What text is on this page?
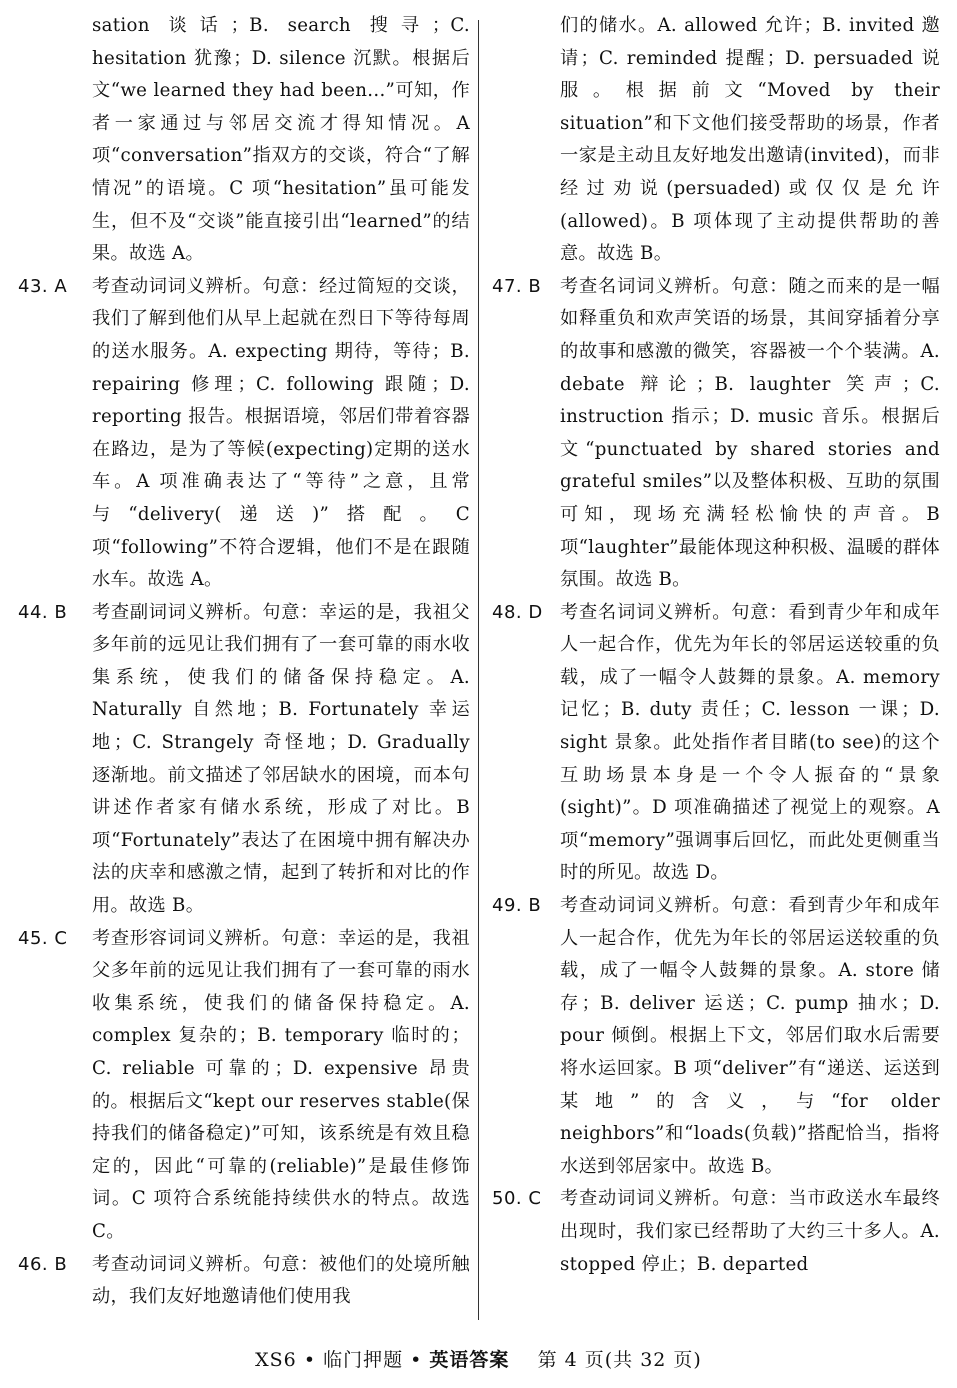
sation 谈话；B. search 搜寻；C. hesitation 犹豫；D. silence 沉默。根据后文“we learned they had been...”可知，作者一家通过与邻居交流才得知情况。A 项“conversation”指双方的交谈，符合“了解情况”的语境。C 项“hesitation”虽可能发生，但不及“交谈”能直接引出“learned”的结果。故选 A。

43. A	考查动词词义辨析。句意：经过简短的交谈，我们了解到他们从早上起就在烈日下等待每周的送水服务。A. expecting 期待，等待；B. repairing 修理；C. following 跟随；D. reporting 报告。根据语境，邻居们带着容器在路边，是为了等候(expecting)定期的送水车。A 项准确表达了“等待”之意，且常与“delivery(递送)”搭配。C 项“following”不符合逻辑，他们不是在跟随水车。故选 A。

44. B	考查副词词义辨析。句意：幸运的是，我祖父多年前的远见让我们拥有了一套可靠的雨水收集系统，使我们的储备保持稳定。A. Naturally 自然地；B. Fortunately 幸运地；C. Strangely 奇怪地；D. Gradually 逐渐地。前文描述了邻居缺水的困境，而本句讲述作者家有储水系统，形成了对比。B 项“Fortunately”表达了在困境中拥有解决办法的庆幸和感激之情，起到了转折和对比的作用。故选 B。

45. C	考查形容词词义辨析。句意：幸运的是，我祖父多年前的远见让我们拥有了一套可靠的雨水收集系统，使我们的储备保持稳定。A. complex 复杂的；B. temporary 临时的；C. reliable 可靠的；D. expensive 昂贵的。根据后文“kept our reserves stable(保持我们的储备稳定)”可知，该系统是有效且稳定的，因此“可靠的(reliable)”是最佳修饰词。C 项符合系统能持续供水的特点。故选 C。

46. B	考查动词词义辨析。句意：被他们的处境所触动，我们友好地邀请他们使用我

们的储水。A. allowed 允许；B. invited 邀请；C. reminded 提醒；D. persuaded 说服。根据前文“Moved by their situation”和下文他们接受帮助的场景，作者一家是主动且友好地发出邀请(invited)，而非经过劝说(persuaded)或仅仅是允许(allowed)。B 项体现了主动提供帮助的善意。故选 B。

47. B	考查名词词义辨析。句意：随之而来的是一幅如释重负和欢声笑语的场景，其间穿插着分享的故事和感激的微笑，容器被一个个装满。A. debate 辩论；B. laughter 笑声；C. instruction 指示；D. music 音乐。根据后文“punctuated by shared stories and grateful smiles”以及整体积极、互助的氛围可知，现场充满轻松愉快的声音。B 项“laughter”最能体现这种积极、温暖的群体氛围。故选 B。

48. D 考查名词词义辨析。句意：看到青少年和成年人一起合作，优先为年长的邻居运送较重的负载，成了一幅令人鼓舞的景象。A. memory 记忆；B. duty 责任；C. lesson 一课；D. sight 景象。此处指作者目睹(to see)的这个互助场景本身是一个令人振奋的“景象(sight)”。D 项准确描述了视觉上的观察。A 项“memory”强调事后回忆，而此处更侧重当时的所见。故选 D。

49. B	考查动词词义辨析。句意：看到青少年和成年人一起合作，优先为年长的邻居运送较重的负载，成了一幅令人鼓舞的景象。A. store 储存；B. deliver 运送；C. pump 抽水；D. pour 倾倒。根据上下文，邻居们取水后需要将水运回家。B 项“deliver”有“递送、运送到某地”的含义，与“for older neighbors”和“loads(负载)”搭配恰当，指将水送到邻居家中。故选 B。

50. C	考查动词词义辨析。句意：当市政送水车最终出现时，我们家已经帮助了大约三十多人。A. stopped 停止；B. departed

XS6 • 临门押题 • 英语答案 第 4 页(共 32 页)
